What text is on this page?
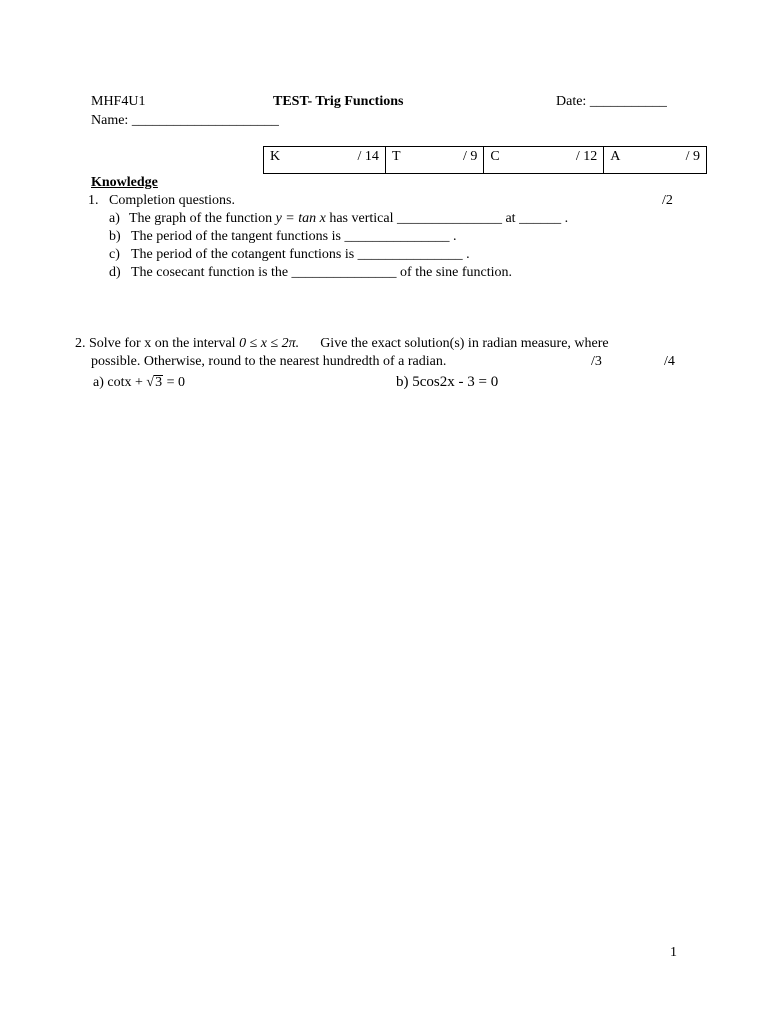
MHF4U1	TEST- Trig Functions	Date: ___________
Name: _____________________
K	/ 14	T	/ 9	C	/ 12	A	/ 9
Knowledge
1. Completion questions.	/2
a) The graph of the function y = tan x has vertical _______________ at ______ .
b) The period of the tangent functions is _______________ .
c) The period of the cotangent functions is _______________ .
d) The cosecant function is the _______________ of the sine function.
2. Solve for x on the interval 0 ≤ x ≤ 2π. Give the exact solution(s) in radian measure, where
possible. Otherwise, round to the nearest hundredth of a radian.	/3	/4
a) cotx + √3 = 0	b) 5cos2x - 3 = 0
1
